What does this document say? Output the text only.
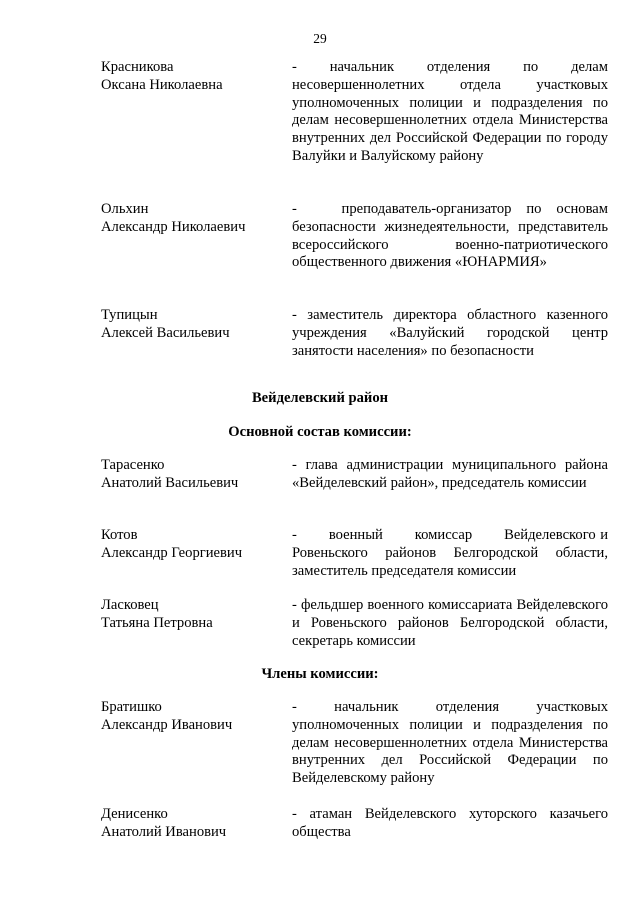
29
Красникова
Оксана Николаевна
-    начальник    отделения    по    делам несовершеннолетних отдела участковых уполномоченных полиции и подразделения по делам несовершеннолетних отдела Министерства внутренних дел Российской Федерации по городу Валуйки и Валуйскому району
Ольхин
Александр Николаевич
-   преподаватель-организатор по основам безопасности жизнедеятельности, представитель всероссийского военно-патриотического общественного движения «ЮНАРМИЯ»
Тупицын
Алексей Васильевич
- заместитель директора областного казенного учреждения «Валуйский городской центр занятости населения» по безопасности
Вейделевский район
Основной состав комиссии:
Тарасенко
Анатолий Васильевич
- глава администрации муниципального района «Вейделевский район», председатель комиссии
Котов
Александр Георгиевич
-       военный       комиссар       Вейделевского и Ровеньского районов Белгородской области, заместитель председателя комиссии
Ласковец
Татьяна Петровна
- фельдшер военного комиссариата Вейделевского и Ровеньского районов Белгородской области, секретарь комиссии
Члены комиссии:
Братишко
Александр Иванович
- начальник отделения участковых уполномоченных полиции и подразделения по делам несовершеннолетних отдела Министерства внутренних дел Российской Федерации по Вейделевскому району
Денисенко
Анатолий Иванович
- атаман Вейделевского хуторского казачьего общества
